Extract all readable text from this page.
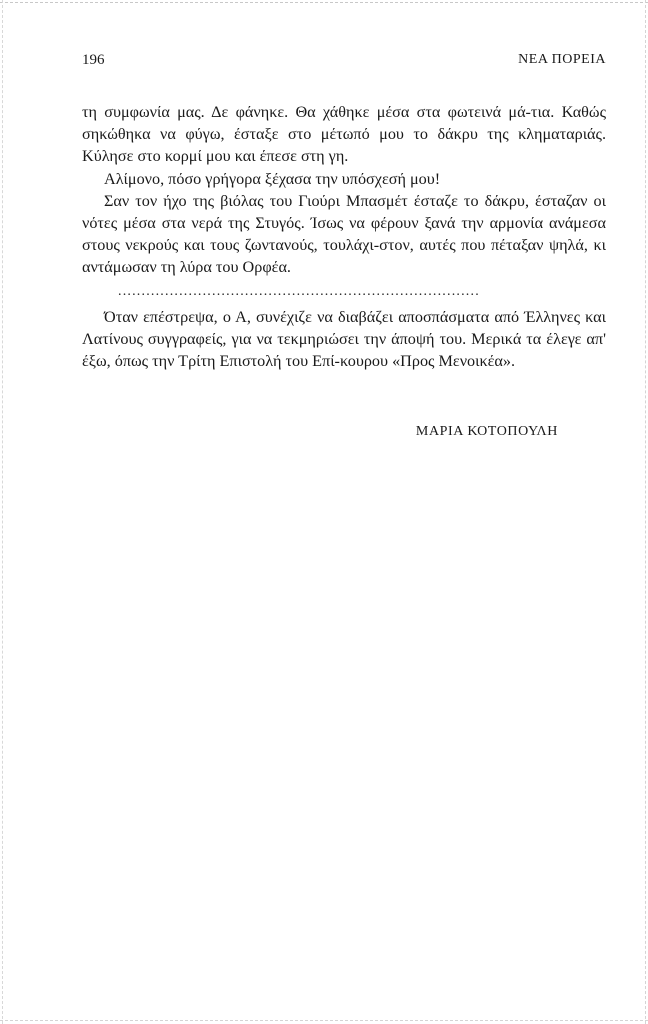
196	ΝΕΑ ΠΟΡΕΙΑ

τη συμφωνία μας. Δε φάνηκε. Θα χάθηκε μέσα στα φωτεινά μά-τια. Καθώς σηκώθηκα να φύγω, έσταξε στο μέτωπό μου το δάκρυ της κληματαριάς. Κύλησε στο κορμί μου και έπεσε στη γη.

Αλίμονο, πόσο γρήγορα ξέχασα την υπόσχεσή μου!

Σαν τον ήχο της βιόλας του Γιούρι Μπασμέτ έσταζε το δάκρυ, έσταζαν οι νότες μέσα στα νερά της Στυγός. Ίσως να φέρουν ξανά την αρμονία ανάμεσα στους νεκρούς και τους ζωντανούς, τουλάχι-στον, αυτές που πέταξαν ψηλά, κι αντάμωσαν τη λύρα του Ορφέα.

.............................................................................

Όταν επέστρεψα, ο Α, συνέχιζε να διαβάζει αποσπάσματα από Έλληνες και Λατίνους συγγραφείς, για να τεκμηριώσει την άποψή του. Μερικά τα έλεγε απ' έξω, όπως την Τρίτη Επιστολή του Επί-κουρου «Προς Μενοικέα».

ΜΑΡΙΑ ΚΟΤΟΠΟΥΛΗ
